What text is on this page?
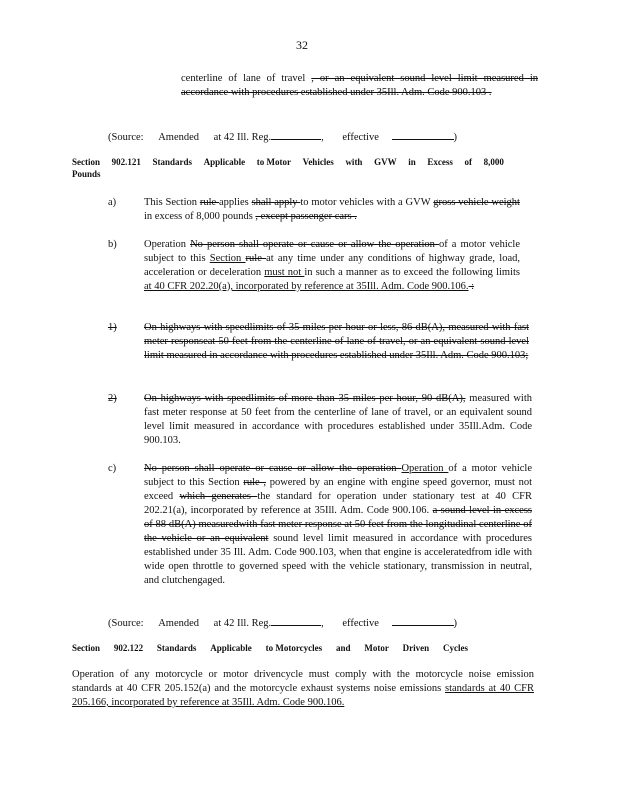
32
centerline of lane of travel , or an equivalent sound level limit measured in accordance with procedures established under 35Ill. Adm. Code 900.103 .
(Source: Amended at 42 Ill. Reg.	, effective	)
Section 902.121 Standards Applicable to Motor Vehicles with GVW in Excess of 8,000
Pounds
a)	This Section rule applies shall apply to motor vehicles with a GVW gross vehicle weight in excess of 8,000 pounds , except passenger cars .
b)	Operation No person shall operate or cause or allow the operation of a motor vehicle subject to this Section rule at any time under any conditions of highway grade, load, acceleration or deceleration must not in such a manner as to exceed the following limits at 40 CFR 202.20(a), incorporated by reference at 35Ill. Adm. Code 900.106. :
1)	On highways with speedlimits of 35 miles per hour or less, 86 dB(A), measured with fast meter responseat 50 feet from the centerline of lane of travel, or an equivalent sound level limit measured in accordance with procedures established under 35Ill. Adm. Code 900.103;
2)	On highways with speedlimits of more than 35 miles per hour, 90 dB(A), measured with fast meter response at 50 feet from the centerline of lane of travel, or an equivalent sound level limit measured in accordance with procedures established under 35Ill.Adm. Code 900.103.
c)	No person shall operate or cause or allow the operation Operation of a motor vehicle subject to this Section rule , powered by an engine with engine speed governor, must not exceed which generates the standard for operation under stationary test at 40 CFR 202.21(a), incorporated by reference at 35Ill. Adm. Code 900.106. a sound level in excess of 88 dB(A) measuredwith fast meter response at 50 feet from the longitudinal centerline of the vehicle or an equivalent sound level limit measured in accordance with procedures established under 35 Ill. Adm. Code 900.103, when that engine is acceleratedfrom idle with wide open throttle to governed speed with the vehicle stationary, transmission in neutral, and clutchengaged.
(Source: Amended at 42 Ill. Reg.	, effective	)
Section 902.122 Standards Applicable to Motorcycles and Motor Driven Cycles
Operation of any motorcycle or motor drivencycle must comply with the motorcycle noise emission standards at 40 CFR 205.152(a) and the motorcycle exhaust systems noise emissions standards at 40 CFR 205.166, incorporated by reference at 35Ill. Adm. Code 900.106.
